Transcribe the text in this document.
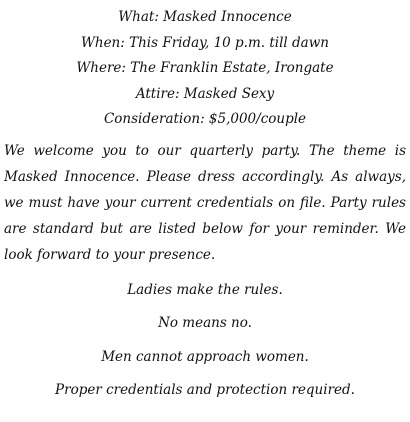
What: Masked Innocence
When: This Friday, 10 p.m. till dawn
Where: The Franklin Estate, Irongate
Attire: Masked Sexy
Consideration: $5,000/couple

We welcome you to our quarterly party. The theme is Masked Innocence. Please dress accordingly. As always, we must have your current credentials on file. Party rules are standard but are listed below for your reminder. We look forward to your presence.

Ladies make the rules.
No means no.
Men cannot approach women.
Proper credentials and protection required.
